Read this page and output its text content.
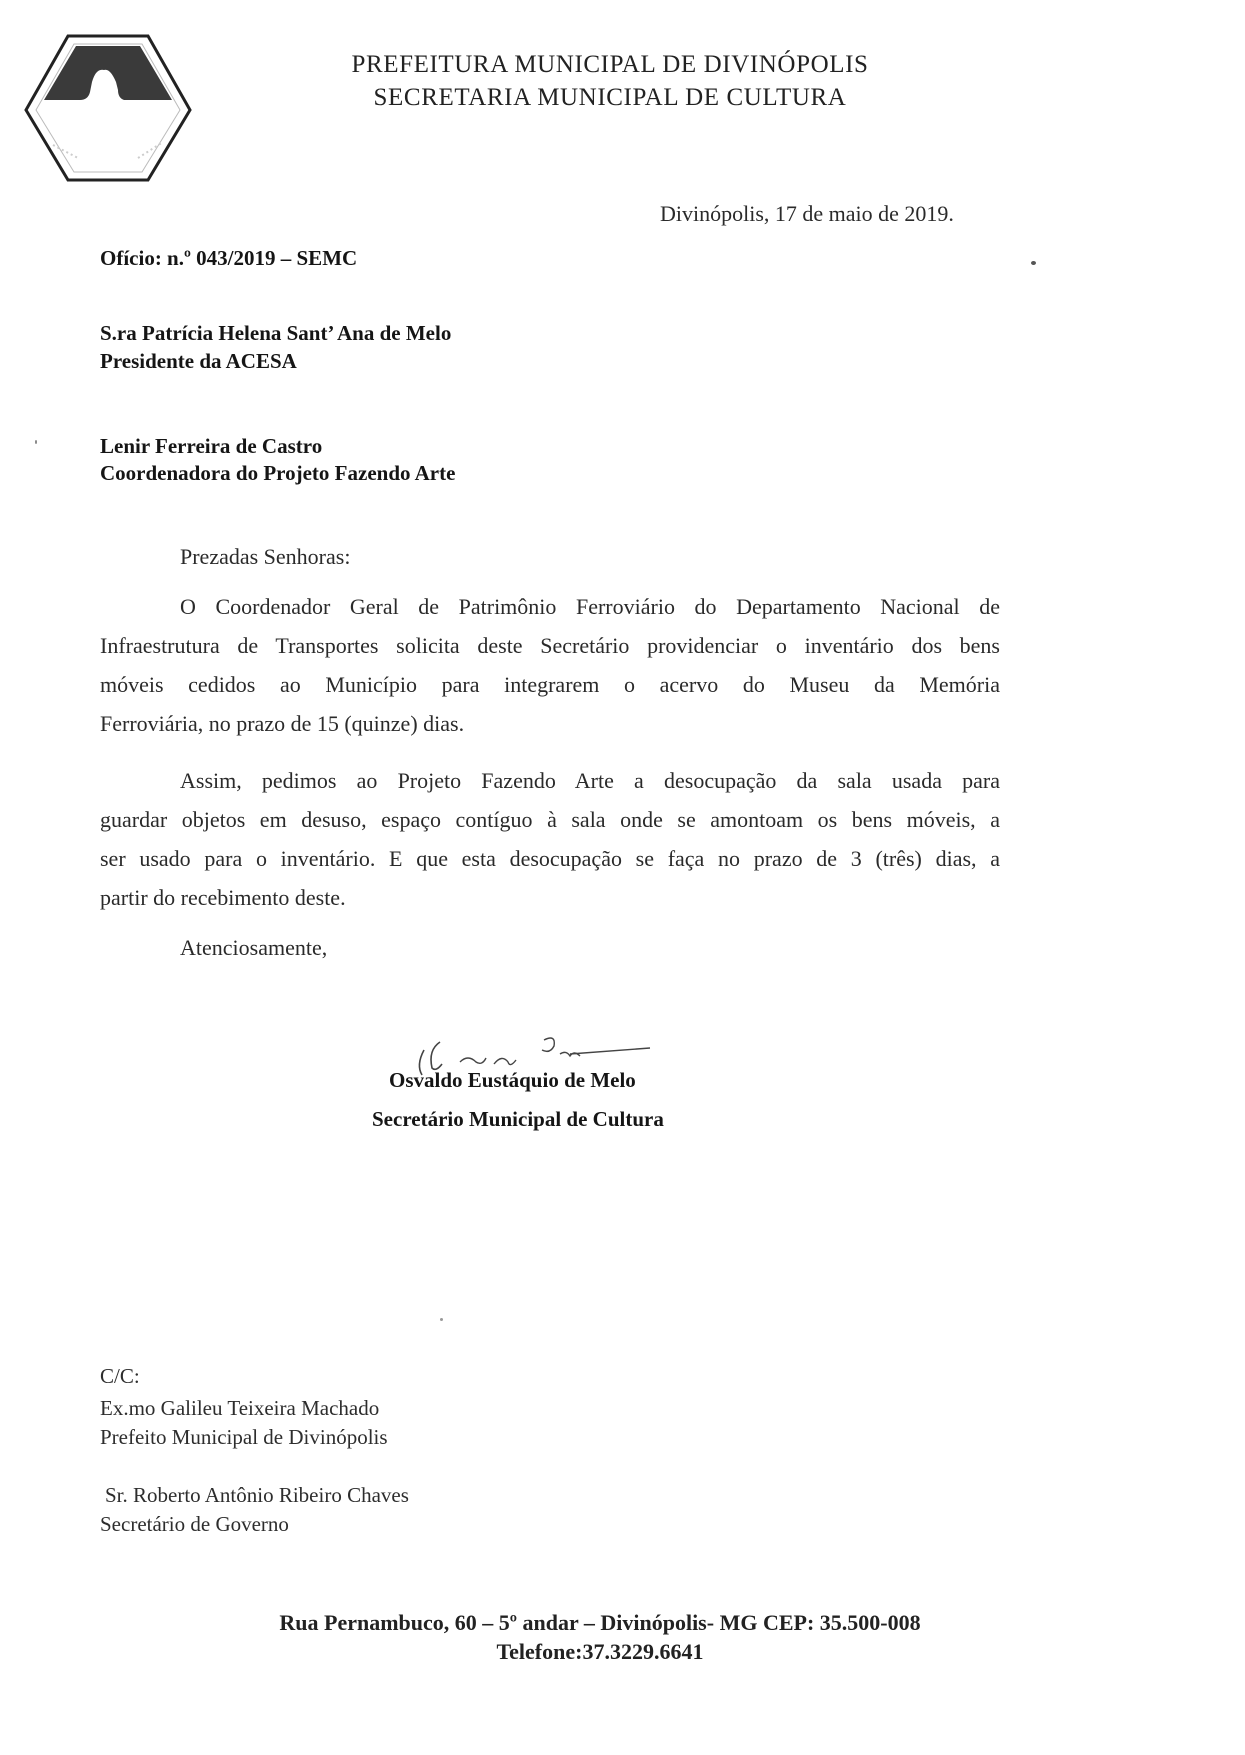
PREFEITURA MUNICIPAL DE DIVINÓPOLIS
SECRETARIA MUNICIPAL DE CULTURA
Divinópolis, 17 de maio de 2019.
Ofício: n.º 043/2019 – SEMC
S.ra Patrícia Helena Sant’ Ana de Melo
Presidente da ACESA
Lenir Ferreira de Castro
Coordenadora do Projeto Fazendo Arte
Prezadas Senhoras:
O Coordenador Geral de Patrimônio Ferroviário do Departamento Nacional de
Infraestrutura de Transportes solicita deste Secretário providenciar o inventário dos bens
móveis cedidos ao Município para integrarem o acervo do Museu da Memória
Ferroviária, no prazo de 15 (quinze) dias.
Assim, pedimos ao Projeto Fazendo Arte a desocupação da sala usada para
guardar objetos em desuso, espaço contíguo à sala onde se amontoam os bens móveis, a
ser usado para o inventário. E que esta desocupação se faça no prazo de 3 (três) dias, a
partir do recebimento deste.
Atenciosamente,
Osvaldo Eustáquio de Melo
Secretário Municipal de Cultura
C/C:
Ex.mo Galileu Teixeira Machado
Prefeito Municipal de Divinópolis
Sr. Roberto Antônio Ribeiro Chaves
Secretário de Governo
Rua Pernambuco, 60 – 5º andar – Divinópolis- MG CEP: 35.500-008
Telefone:37.3229.6641
